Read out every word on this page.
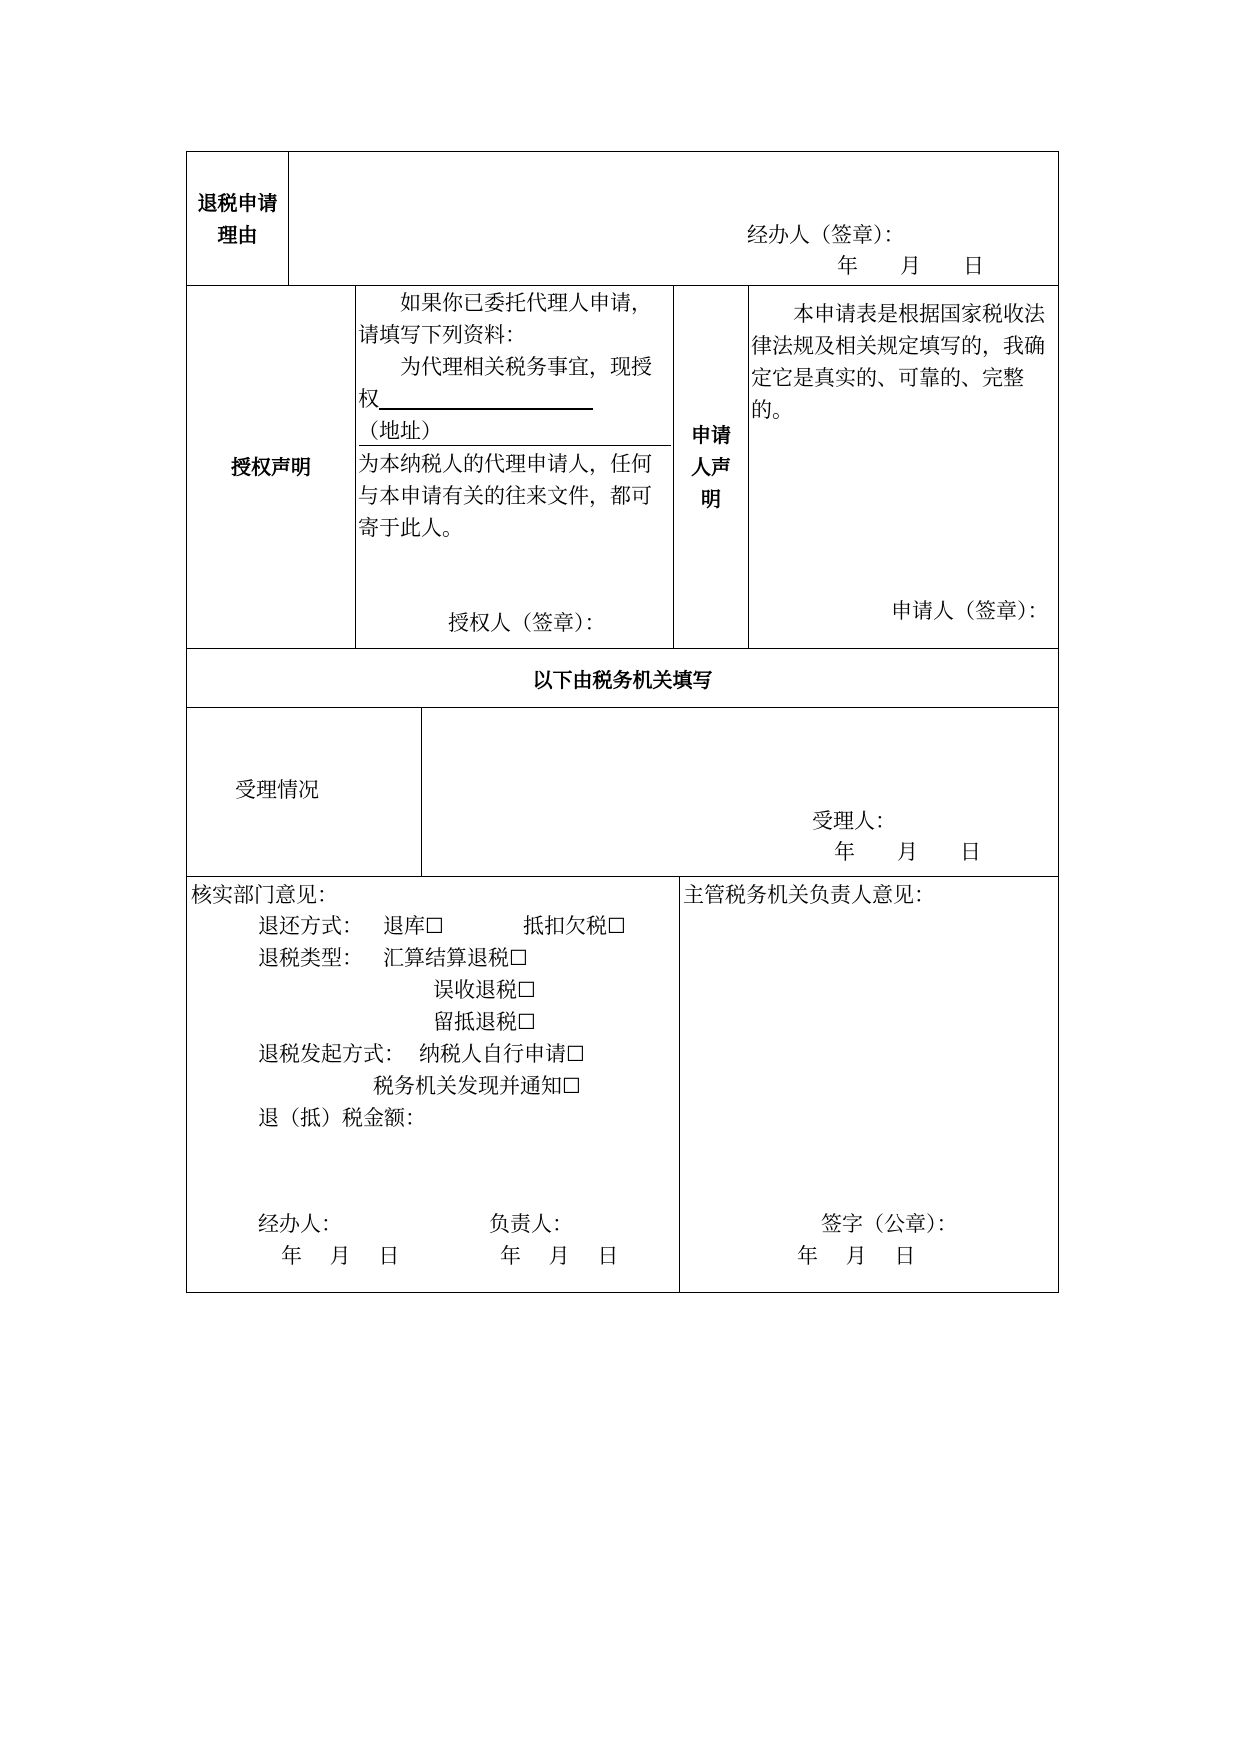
退税申请理由	经办人（签章）：
年　　月　　日
授权声明
如果你已委托代理人申请，请填写下列资料：
为代理相关税务事宜，现授权（地址）
为本纳税人的代理申请人，任何与本申请有关的往来文件，都可寄于此人。
授权人（签章）：
申请人声明
本申请表是根据国家税收法律法规及相关规定填写的，我确定它是真实的、可靠的、完整的。
申请人（签章）：
以下由税务机关填写
受理情况
受理人：
年　　月　　日
核实部门意见：
退还方式： 退库☐	抵扣欠税☐
退税类型： 汇算结算退税☐
误收退税☐
留抵退税☐
退税发起方式： 纳税人自行申请☐
税务机关发现并通知☐
退（抵）税金额：
经办人：
年　 月　 日
负责人：
年　 月　 日
主管税务机关负责人意见：
签字（公章）：
年　 月　 日
